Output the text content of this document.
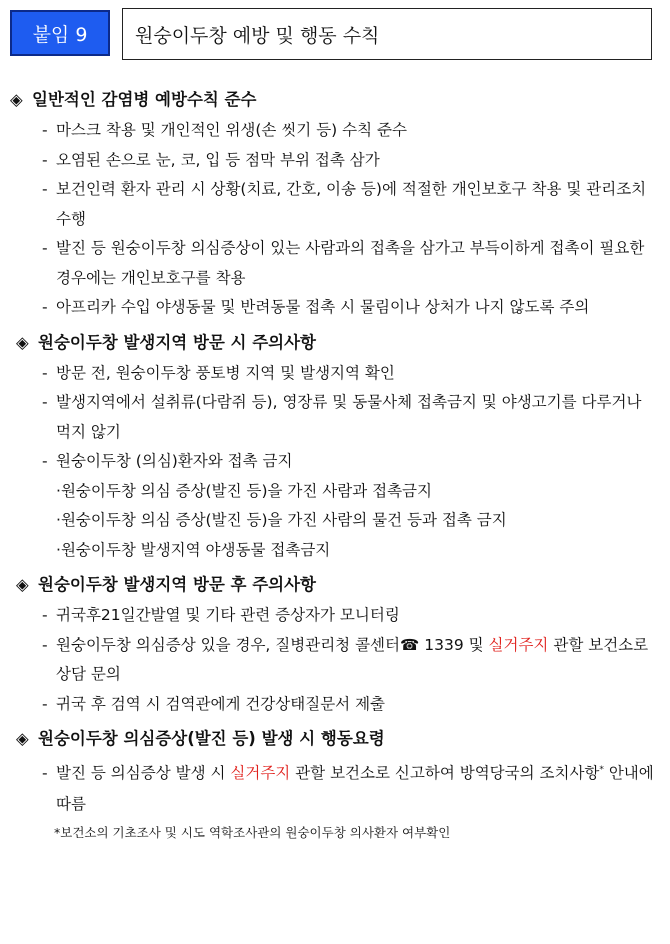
붙임 9	원숭이두창 예방 및 행동 수칙
◈ 일반적인 감염병 예방수칙 준수
- 마스크 착용 및 개인적인 위생(손 씻기 등) 수칙 준수
- 오염된 손으로 눈, 코, 입 등 점막 부위 접촉 삼가
- 보건인력 환자 관리 시 상황(치료, 간호, 이송 등)에 적절한 개인보호구 착용 및 관리조치 수행
- 발진 등 원숭이두창 의심증상이 있는 사람과의 접촉을 삼가고 부득이하게 접촉이 필요한 경우에는 개인보호구를 착용
- 아프리카 수입 야생동물 및 반려동물 접촉 시 물림이나 상처가 나지 않도록 주의
◈ 원숭이두창 발생지역 방문 시 주의사항
- 방문 전, 원숭이두창 풍토병 지역 및 발생지역 확인
- 발생지역에서 설취류(다람쥐 등), 영장류 및 동물사체 접촉금지 및 야생고기를 다루거나 먹지 않기
- 원숭이두창 (의심)환자와 접촉 금지
·원숭이두창 의심 증상(발진 등)을 가진 사람과 접촉금지
·원숭이두창 의심 증상(발진 등)을 가진 사람의 물건 등과 접촉 금지
·원숭이두창 발생지역 야생동물 접촉금지
◈ 원숭이두창 발생지역 방문 후 주의사항
- 귀국후21일간발열 및 기타 관련 증상자가 모니터링
- 원숭이두창 의심증상 있을 경우, 질병관리청 콜센터☎ 1339 및 실거주지 관할 보건소로 상담 문의
- 귀국 후 검역 시 검역관에게 건강상태질문서 제출
◈ 원숭이두창 의심증상(발진 등) 발생 시 행동요령
- 발진 등 의심증상 발생 시 실거주지 관할 보건소로 신고하여 방역당국의 조치사항* 안내에 따름
*보건소의 기초조사 및 시도 역학조사관의 원숭이두창 의사환자 여부확인
